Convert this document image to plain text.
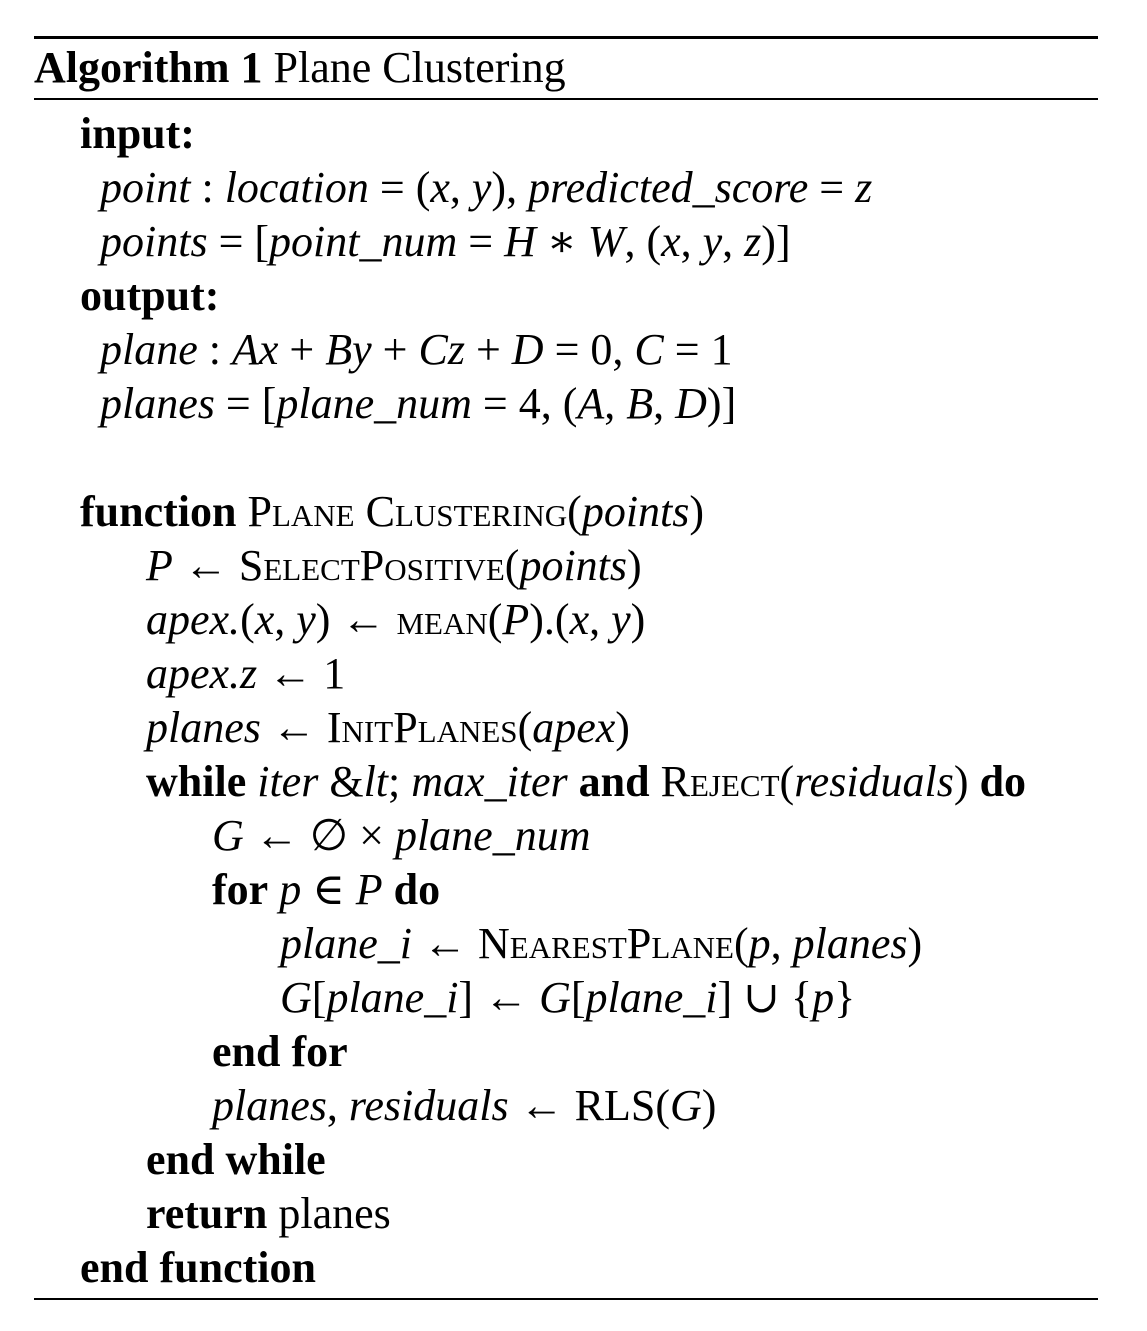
Algorithm 1 Plane Clustering
input:
point : location = (x, y), predicted_score = z
points = [point_num = H ∗ W, (x, y, z)]
output:
plane : Ax + By + Cz + D = 0, C = 1
planes = [plane_num = 4, (A, B, D)]
function Plane Clustering(points)
P ← SelectPositive(points)
apex.(x, y) ← mean(P).(x, y)
apex.z ← 1
planes ← InitPlanes(apex)
while iter &lt; max_iter and Reject(residuals) do
G ← ∅ × plane_num
for p ∈ P do
plane_i ← NearestPlane(p, planes)
G[plane_i] ← G[plane_i] ∪ {p}
end for
planes, residuals ← RLS(G)
end while
return planes
end function
